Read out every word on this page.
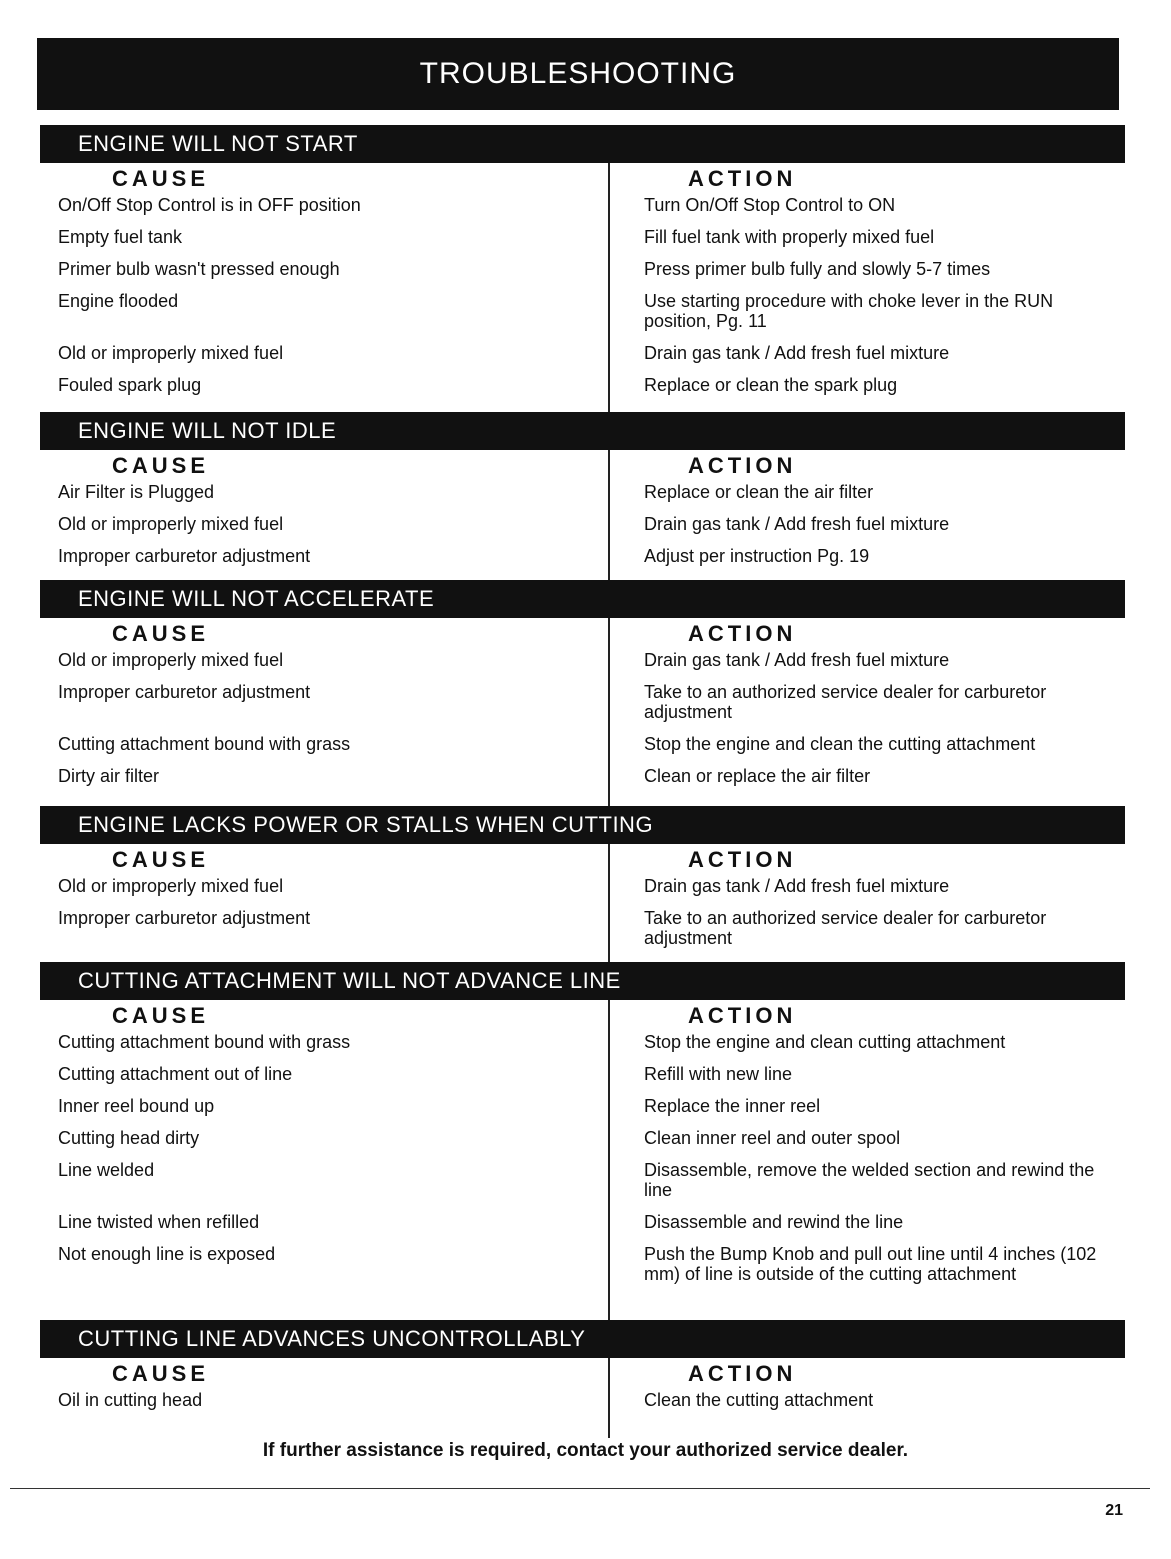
TROUBLESHOOTING
ENGINE WILL NOT START
CAUSE
On/Off Stop Control is in OFF position
Empty fuel tank
Primer bulb wasn't pressed enough
Engine flooded
Old or improperly mixed fuel
Fouled spark plug
ACTION
Turn On/Off Stop Control to ON
Fill fuel tank with properly mixed fuel
Press primer bulb fully and slowly 5-7 times
Use starting procedure with choke lever in the RUN position, Pg. 11
Drain gas tank / Add fresh fuel mixture
Replace or clean the spark plug
ENGINE WILL NOT IDLE
CAUSE
Air Filter is Plugged
Old or improperly mixed fuel
Improper carburetor adjustment
ACTION
Replace or clean the air filter
Drain gas tank / Add fresh fuel mixture
Adjust per instruction Pg. 19
ENGINE WILL NOT ACCELERATE
CAUSE
Old or improperly mixed fuel
Improper carburetor adjustment
Cutting attachment bound with grass
Dirty air filter
ACTION
Drain gas tank / Add fresh fuel mixture
Take to an authorized service dealer for carburetor adjustment
Stop the engine and clean the cutting attachment
Clean or replace the air filter
ENGINE LACKS POWER OR STALLS WHEN CUTTING
CAUSE
Old or improperly mixed fuel
Improper carburetor adjustment
ACTION
Drain gas tank / Add fresh fuel mixture
Take to an authorized service dealer for carburetor adjustment
CUTTING ATTACHMENT WILL NOT ADVANCE LINE
CAUSE
Cutting attachment bound with grass
Cutting attachment out of line
Inner reel bound up
Cutting head dirty
Line welded
Line twisted when refilled
Not enough line is exposed
ACTION
Stop the engine and clean cutting attachment
Refill with new line
Replace the inner reel
Clean inner reel and outer spool
Disassemble, remove the welded section and rewind the line
Disassemble and rewind the line
Push the Bump Knob and pull out line until 4 inches (102 mm) of line is outside of the cutting attachment
CUTTING LINE ADVANCES UNCONTROLLABLY
CAUSE
Oil in cutting head
ACTION
Clean the cutting attachment
If further assistance is required, contact your authorized service dealer.
21
